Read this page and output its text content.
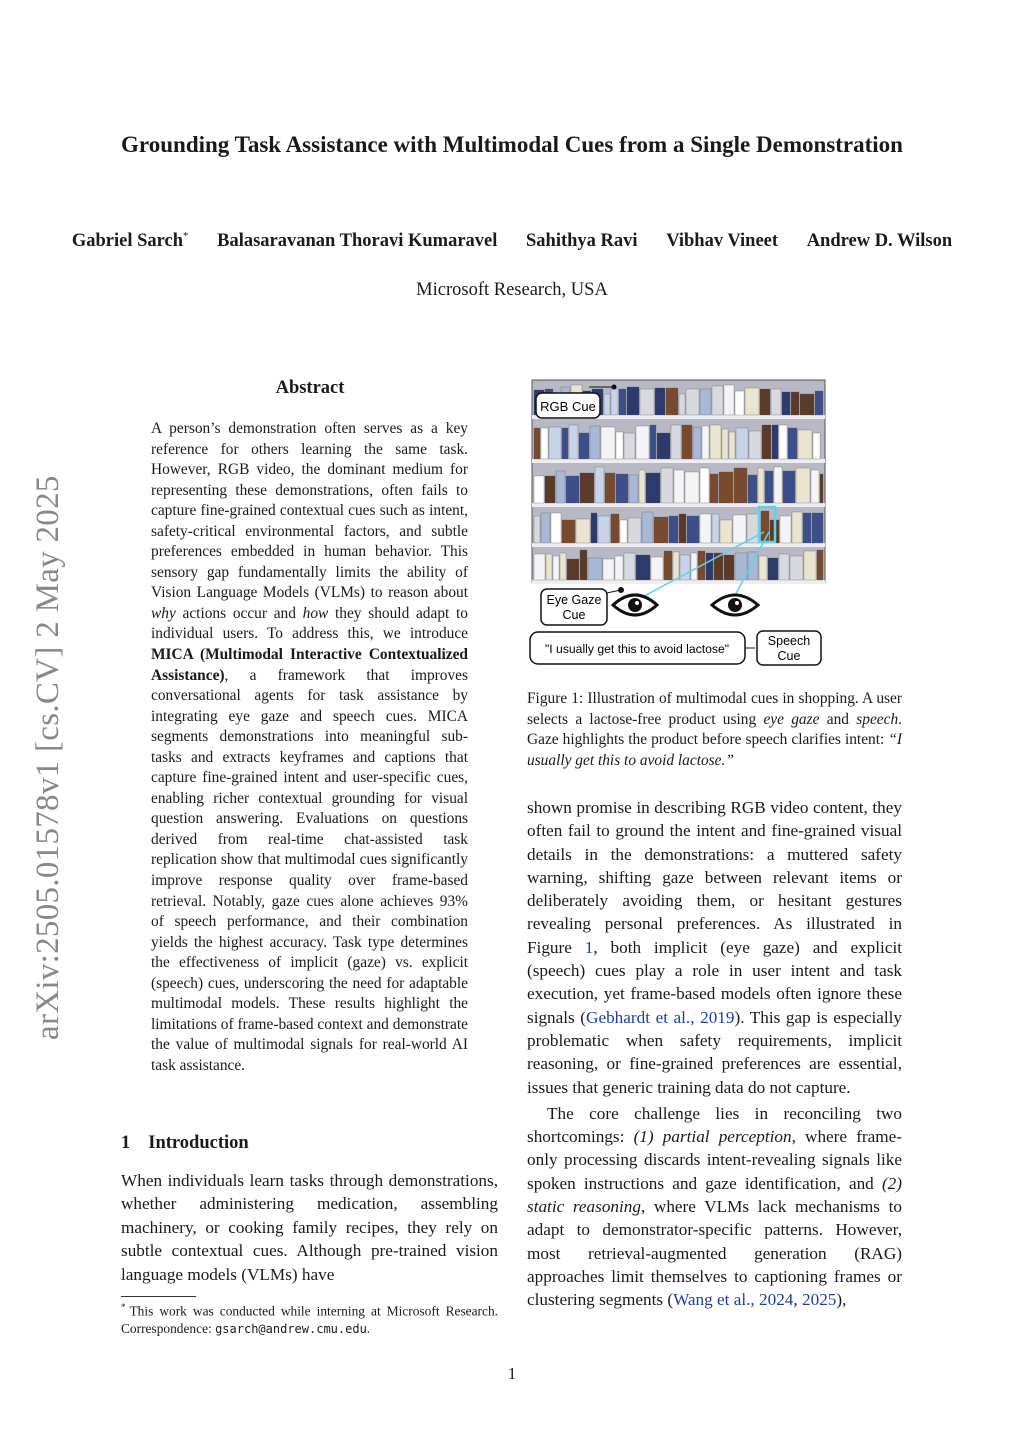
Grounding Task Assistance with Multimodal Cues from a Single Demonstration
Gabriel Sarch* Balasaravanan Thoravi Kumaravel Sahithya Ravi Vibhav Vineet Andrew D. Wilson
Microsoft Research, USA
arXiv:2505.01578v1 [cs.CV] 2 May 2025
Abstract
A person’s demonstration often serves as a key reference for others learning the same task. However, RGB video, the dominant medium for representing these demonstrations, often fails to capture fine-grained contextual cues such as intent, safety-critical environmental factors, and subtle preferences embedded in human behavior. This sensory gap fundamentally limits the ability of Vision Language Models (VLMs) to reason about why actions occur and how they should adapt to individual users. To address this, we introduce MICA (Multimodal Interactive Contextualized Assistance), a framework that improves conversational agents for task assistance by integrating eye gaze and speech cues. MICA segments demonstrations into meaningful sub-tasks and extracts keyframes and captions that capture fine-grained intent and user-specific cues, enabling richer contextual grounding for visual question answering. Evaluations on questions derived from real-time chat-assisted task replication show that multimodal cues significantly improve response quality over frame-based retrieval. Notably, gaze cues alone achieves 93% of speech performance, and their combination yields the highest accuracy. Task type determines the effectiveness of implicit (gaze) vs. explicit (speech) cues, underscoring the need for adaptable multimodal models. These results highlight the limitations of frame-based context and demonstrate the value of multimodal signals for real-world AI task assistance.
1 Introduction
When individuals learn tasks through demonstrations, whether administering medication, assembling machinery, or cooking family recipes, they rely on subtle contextual cues. Although pre-trained vision language models (VLMs) have
* This work was conducted while interning at Microsoft Research. Correspondence: gsarch@andrew.cmu.edu.
RGB Cue
Eye Gaze
Cue
"I usually get this to avoid lactose"
Speech
Cue
Figure 1: Illustration of multimodal cues in shopping. A user selects a lactose-free product using eye gaze and speech. Gaze highlights the product before speech clarifies intent: “I usually get this to avoid lactose.”

shown promise in describing RGB video content, they often fail to ground the intent and fine-grained visual details in the demonstrations: a muttered safety warning, shifting gaze between relevant items or deliberately avoiding them, or hesitant gestures revealing personal preferences. As illustrated in Figure 1, both implicit (eye gaze) and explicit (speech) cues play a role in user intent and task execution, yet frame-based models often ignore these signals (Gebhardt et al., 2019). This gap is especially problematic when safety requirements, implicit reasoning, or fine-grained preferences are essential, issues that generic training data do not capture.

The core challenge lies in reconciling two shortcomings: (1) partial perception, where frame-only processing discards intent-revealing signals like spoken instructions and gaze identification, and (2) static reasoning, where VLMs lack mechanisms to adapt to demonstrator-specific patterns. However, most retrieval-augmented generation (RAG) approaches limit themselves to captioning frames or clustering segments (Wang et al., 2024, 2025),

1
